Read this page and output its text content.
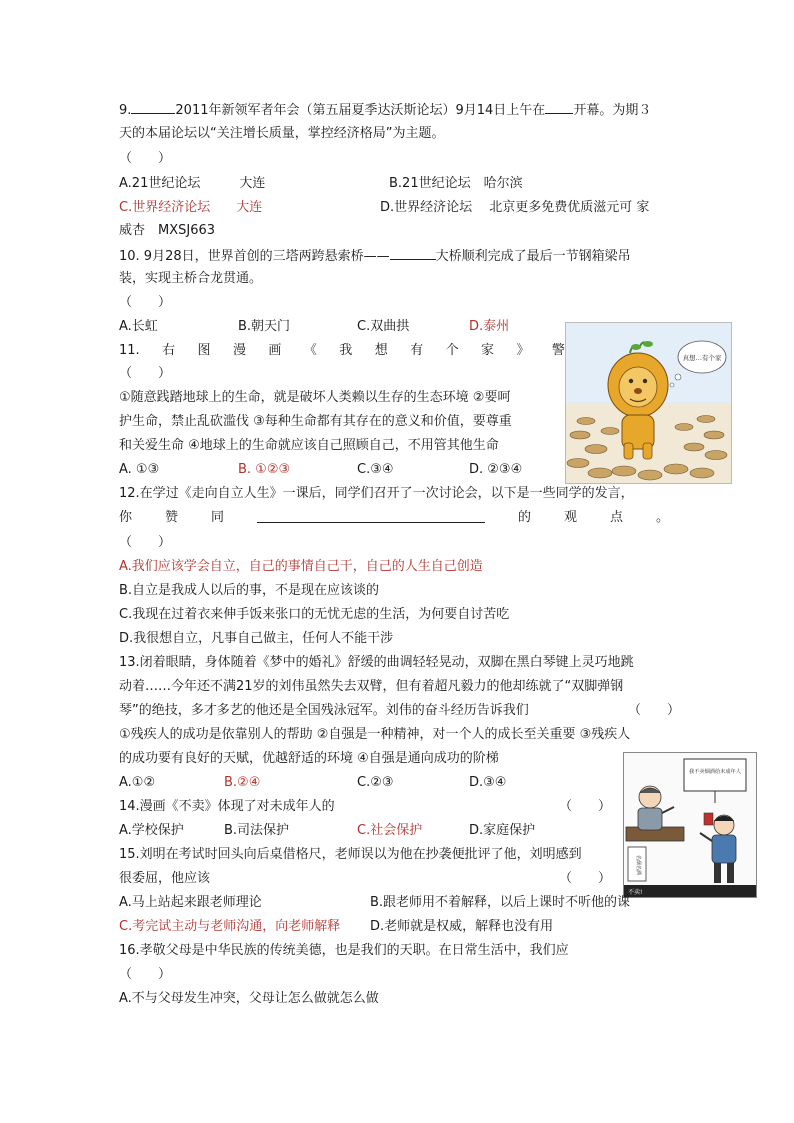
9.	2011年新领军者年会（第五届夏季达沃斯论坛）9月14日上午在 开幕。为期３
天的本届论坛以“关注增长质量，掌控经济格局”为主题。
（　　）
A.21世纪论坛　　　大连	B.21世纪论坛　哈尔滨
C.世界经济论坛　　大连	D.世界经济论坛　 北京更多免费优质滋元可 家
威杏　MXSJ663
10. 9月28日，世界首创的三塔两跨悬索桥——	大桥顺利完成了最后一节钢箱梁吊
装，实现主桥合龙贯通。
（　　）
A.长虹	B.朝天门	C.双曲拱	D.泰州
11. 右 图 漫 画 《 我 想 有 个 家 》 警
（　　）
①随意践踏地球上的生命，就是破坏人类赖以生存的生态环境 ②要呵
护生命，禁止乱砍滥伐 ③每种生命都有其存在的意义和价值，要尊重
和关爱生命 ④地球上的生命就应该自己照顾自己，不用管其他生命
A. ①③	B. ①②③	C.③④	D. ②③④
真想…有个家
12.在学过《走向自立人生》一课后，同学们召开了一次讨论会，以下是一些同学的发言，
你	赞	同	的	观	点	。
（　　）
A.我们应该学会自立，自己的事情自己干，自己的人生自己创造
B.自立是我成人以后的事，不是现在应该谈的
C.我现在过着衣来伸手饭来张口的无忧无虑的生活，为何要自讨苦吃
D.我很想自立，凡事自己做主，任何人不能干涉
13.闭着眼睛，身体随着《梦中的婚礼》舒缓的曲调轻轻晃动，双脚在黑白琴键上灵巧地跳
动着……今年还不满21岁的刘伟虽然失去双臂，但有着超凡毅力的他却练就了“双脚弹钢
琴”的绝技，多才多艺的他还是全国残泳冠军。刘伟的奋斗经历告诉我们	（　　）
①残疾人的成功是依靠别人的帮助 ②自强是一种精神，对一个人的成长至关重要 ③残疾人
的成功要有良好的天赋，优越舒适的环境 ④自强是通向成功的阶梯
A.①②	B.②④	C.②③	D.③④
14.漫画《不卖》体现了对未成年人的	（　　）
A.学校保护	B.司法保护	C.社会保护	D.家庭保护
不卖!
我不卖烟酒给未成年人
名烟名酒
15.刘明在考试时回头向后桌借格尺，老师误以为他在抄袭便批评了他，刘明感到
很委屈，他应该	（　　）
A.马上站起来跟老师理论	B.跟老师用不着解释，以后上课时不听他的课
C.考完试主动与老师沟通，向老师解释 D.老师就是权威，解释也没有用
16.孝敬父母是中华民族的传统美德，也是我们的天职。在日常生活中，我们应
（　　）
A.不与父母发生冲突，父母让怎么做就怎么做
